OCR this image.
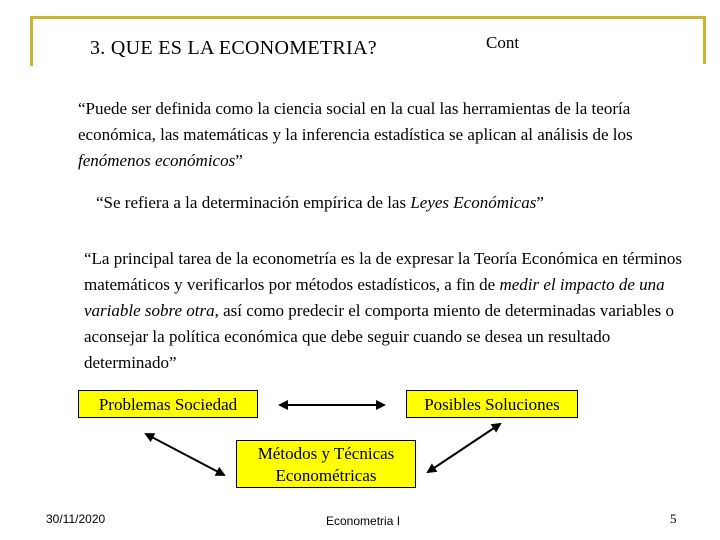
3. QUE ES LA ECONOMETRIA?	Cont
“Puede ser definida como la ciencia social en la cual las herramientas de la teoría económica, las matemáticas y la inferencia estadística se aplican al análisis de los fenómenos económicos”
“Se refiera a la determinación empírica de las Leyes Económicas”
“La principal tarea de la econometría es la de expresar la Teoría Económica en términos matemáticos y verificarlos por métodos estadísticos, a fin de medir el impacto de una variable sobre otra, así como predecir el comporta miento de determinadas variables o aconsejar la política económica que debe seguir cuando se desea un resultado determinado”
Problemas Sociedad	Posibles Soluciones
Métodos y Técnicas
Econométricas
30/11/2020	Econometria I	5
